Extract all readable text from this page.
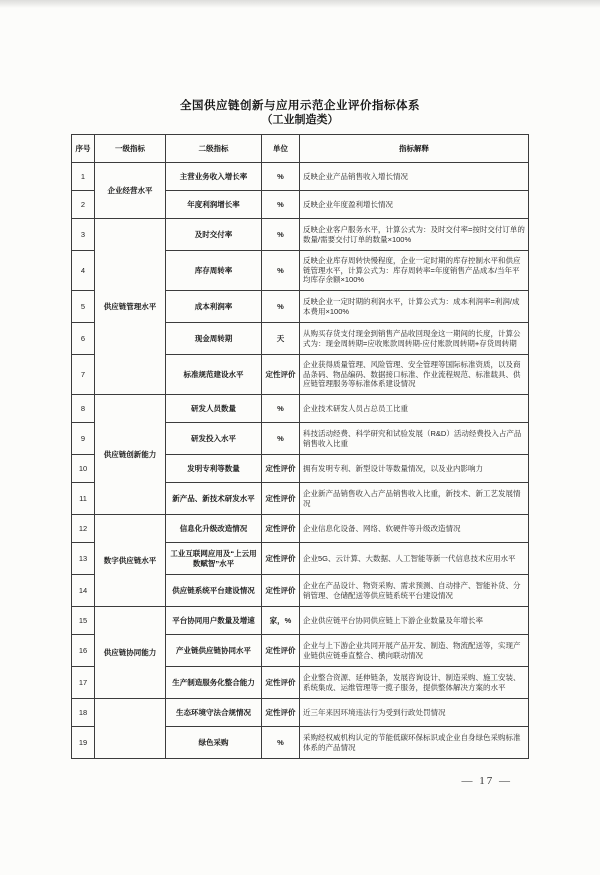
全国供应链创新与应用示范企业评价指标体系
（工业制造类）
序号	一级指标	二级指标	单位	指标解释
1	企业经营水平	主营业务收入增长率	%	反映企业产品销售收入增长情况
2		年度利润增长率	%	反映企业年度盈利增长情况
3	供应链管理水平	及时交付率	%	反映企业客户服务水平，计算公式为：及时交付率=按时交付订单的数量/需要交付订单的数量×100%
4		库存周转率	%	反映企业库存周转快慢程度，企业一定时期的库存控制水平和供应链管理水平，计算公式为：库存周转率=年度销售产品成本/当年平均库存余额×100%
5		成本利润率	%	反映企业一定时期的利润水平，计算公式为：成本利润率=利润/成本费用×100%
6		现金周转期	天	从购买存货支付现金到销售产品收回现金这一期间的长度，计算公式为：现金周转期=应收账款周转期-应付账款周转期+存货周转期
7		标准规范建设水平	定性评价	企业获得质量管理、风险管理、安全管理等国际标准资质，以及商品条码、物品编码、数据接口标准、作业流程规范、标准载具、供应链管理服务等标准体系建设情况
8	供应链创新能力	研发人员数量	%	企业技术研发人员占总员工比重
9		研发投入水平	%	科技活动经费、科学研究和试验发展（R&D）活动经费投入占产品销售收入比重
10		发明专利等数量	定性评价	拥有发明专利、新型设计等数量情况，以及业内影响力
11		新产品、新技术研发水平	定性评价	企业新产品销售收入占产品销售收入比重，新技术、新工艺发展情况
12	数字供应链水平	信息化升级改造情况	定性评价	企业信息化设备、网络、软硬件等升级改造情况
13		工业互联网应用及“上云用数赋智”水平	定性评价	企业5G、云计算、大数据、人工智能等新一代信息技术应用水平
14		供应链系统平台建设情况	定性评价	企业在产品设计、物资采购、需求预测、自动排产、智能补货、分销管理、仓储配送等供应链系统平台建设情况
15	供应链协同能力	平台协同用户数量及增速	家，%	企业供应链平台协同供应链上下游企业数量及年增长率
16		产业链供应链协同水平	定性评价	企业与上下游企业共同开展产品开发、制造、物流配送等，实现产业链供应链垂直整合、横向联动情况
17		生产制造服务化整合能力	定性评价	企业整合资源、延伸链条，发展咨询设计、制造采购、施工安装、系统集成、运维管理等一揽子服务，提供整体解决方案的水平
18		生态环境守法合规情况	定性评价	近三年来因环境违法行为受到行政处罚情况
19		绿色采购	%	采购经权威机构认定的节能低碳环保标识或企业自身绿色采购标准体系的产品情况
— 17 —
